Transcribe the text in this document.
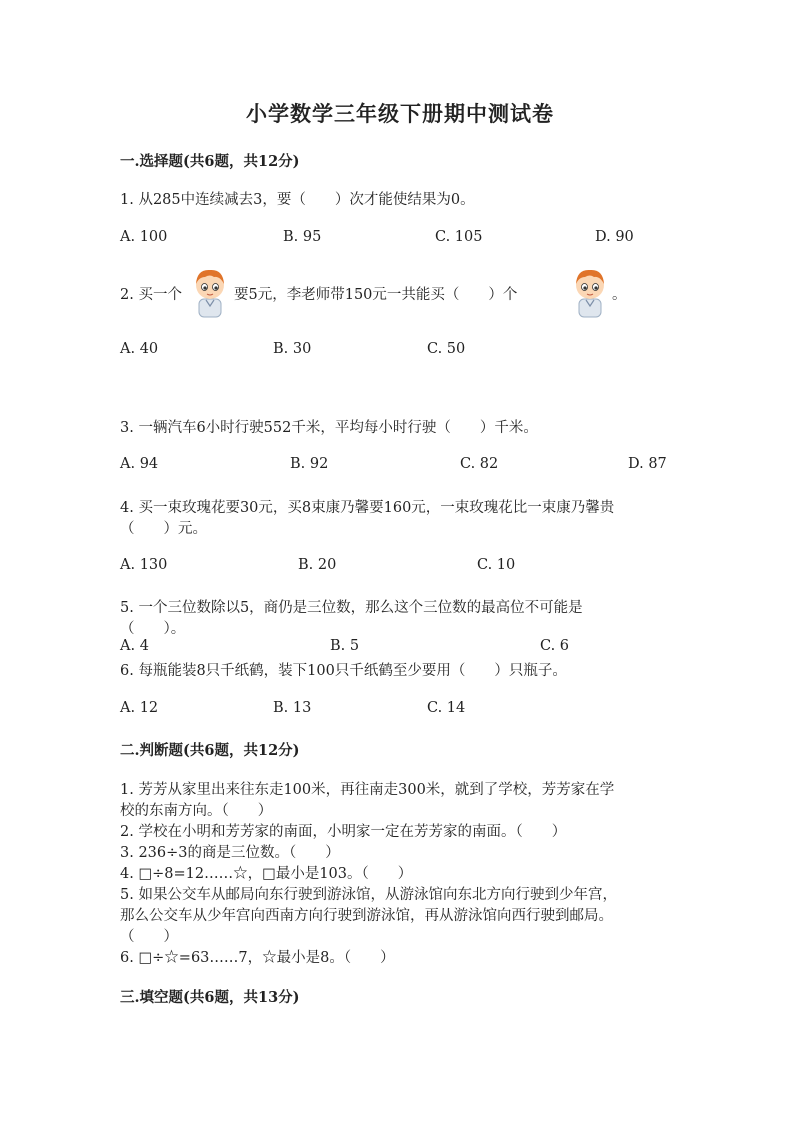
小学数学三年级下册期中测试卷
一.选择题(共6题，共12分)
1. 从285中连续减去3，要（　　）次才能使结果为0。
A. 100	B. 95	C. 105	D. 90
2. 买一个	要5元，李老师带150元一共能买（　　）个	。
A. 40	B. 30	C. 50
3. 一辆汽车6小时行驶552千米，平均每小时行驶（　　）千米。
A. 94	B. 92	C. 82	D. 87
4. 买一束玫瑰花要30元，买8束康乃馨要160元，一束玫瑰花比一束康乃馨贵
（　　）元。
A. 130	B. 20	C. 10
5. 一个三位数除以5，商仍是三位数，那么这个三位数的最高位不可能是
（　　）。
A. 4	B. 5	C. 6
6. 每瓶能装8只千纸鹤，装下100只千纸鹤至少要用（　　）只瓶子。
A. 12	B. 13	C. 14
二.判断题(共6题，共12分)
1. 芳芳从家里出来往东走100米，再往南走300米，就到了学校，芳芳家在学
校的东南方向。（　　）
2. 学校在小明和芳芳家的南面，小明家一定在芳芳家的南面。（　　）
3. 236÷3的商是三位数。（　　）
4. □÷8=12……☆，□最小是103。（　　）
5. 如果公交车从邮局向东行驶到游泳馆，从游泳馆向东北方向行驶到少年宫，
那么公交车从少年宫向西南方向行驶到游泳馆，再从游泳馆向西行驶到邮局。
（　　）
6. □÷☆=63……7，☆最小是8。（　　）
三.填空题(共6题，共13分)
